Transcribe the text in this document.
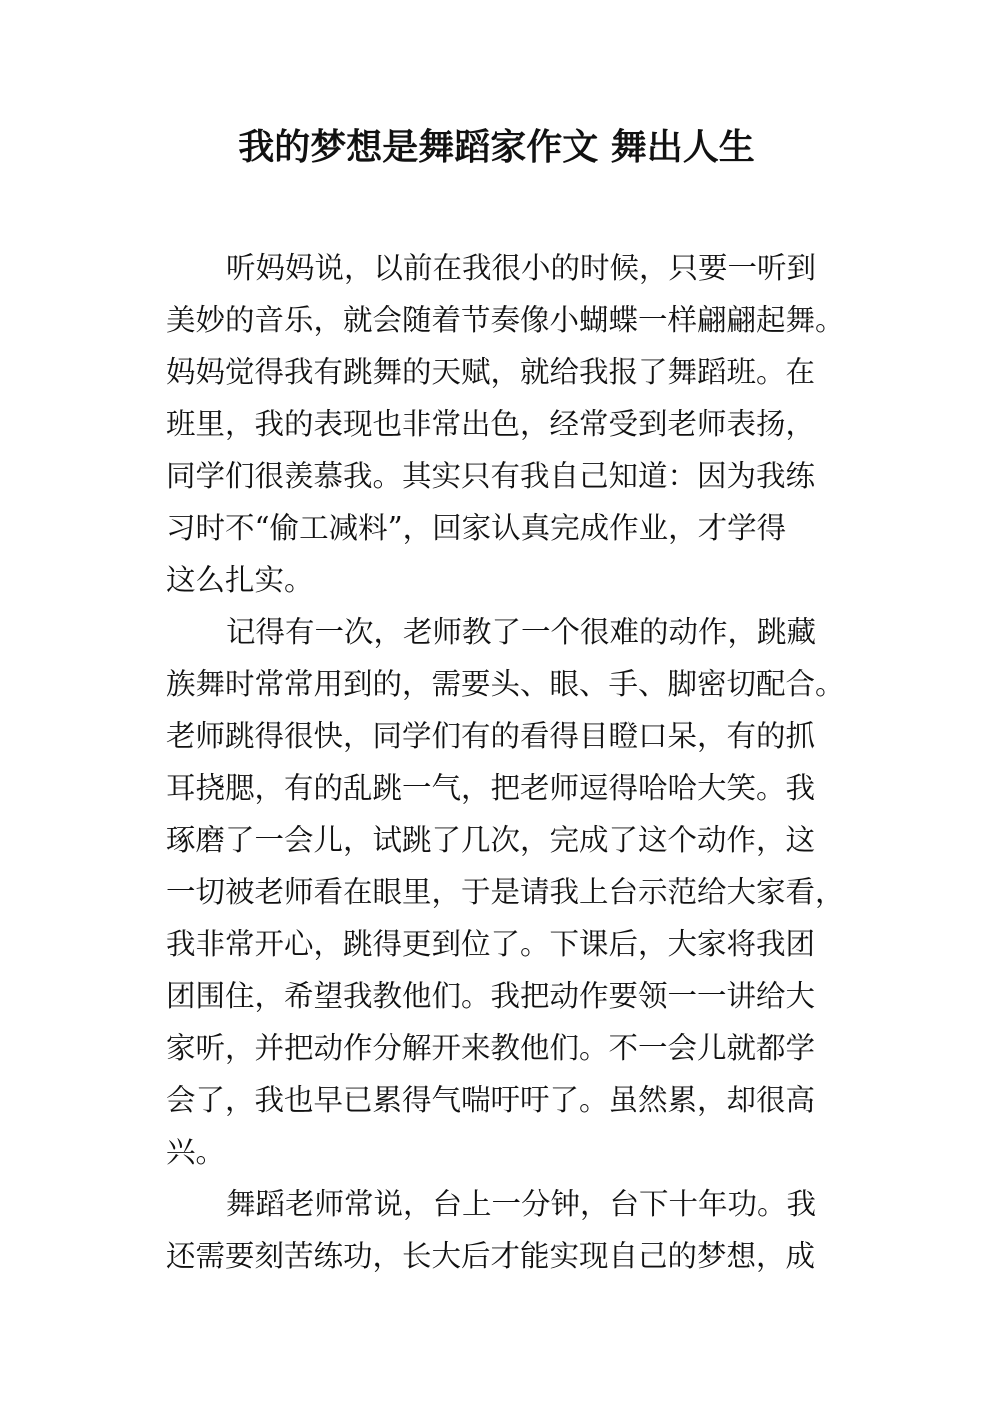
我的梦想是舞蹈家作文 舞出人生
听妈妈说，以前在我很小的时候，只要一听到
美妙的音乐，就会随着节奏像小蝴蝶一样翩翩起舞。
妈妈觉得我有跳舞的天赋，就给我报了舞蹈班。在
班里，我的表现也非常出色，经常受到老师表扬，
同学们很羡慕我。其实只有我自己知道：因为我练
习时不“偷工减料”，回家认真完成作业，才学得
这么扎实。
记得有一次，老师教了一个很难的动作，跳藏
族舞时常常用到的，需要头、眼、手、脚密切配合。
老师跳得很快，同学们有的看得目瞪口呆，有的抓
耳挠腮，有的乱跳一气，把老师逗得哈哈大笑。我
琢磨了一会儿，试跳了几次，完成了这个动作，这
一切被老师看在眼里，于是请我上台示范给大家看，
我非常开心，跳得更到位了。下课后，大家将我团
团围住，希望我教他们。我把动作要领一一讲给大
家听，并把动作分解开来教他们。不一会儿就都学
会了，我也早已累得气喘吁吁了。虽然累，却很高
兴。
舞蹈老师常说，台上一分钟，台下十年功。我
还需要刻苦练功，长大后才能实现自己的梦想，成
